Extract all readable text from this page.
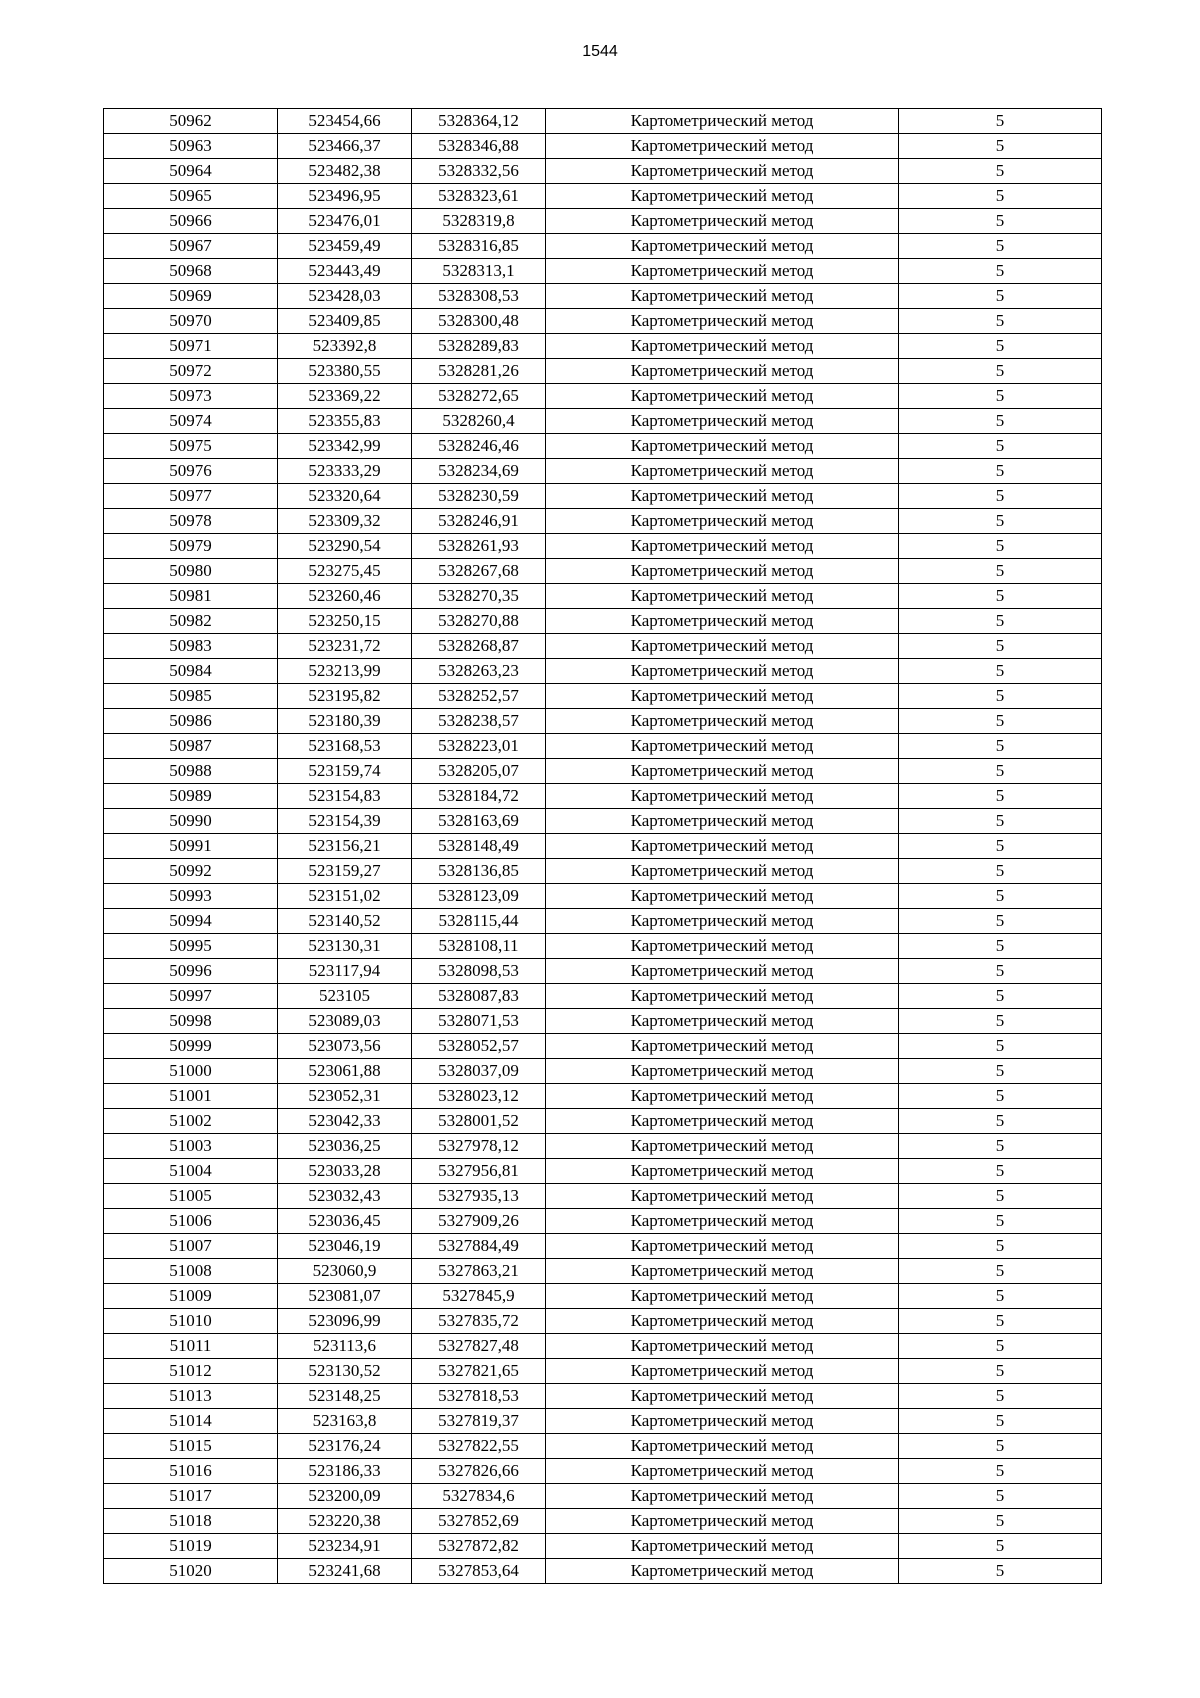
1544
50962	523454,66	5328364,12	Картометрический метод	5
50963	523466,37	5328346,88	Картометрический метод	5
50964	523482,38	5328332,56	Картометрический метод	5
50965	523496,95	5328323,61	Картометрический метод	5
50966	523476,01	5328319,8	Картометрический метод	5
50967	523459,49	5328316,85	Картометрический метод	5
50968	523443,49	5328313,1	Картометрический метод	5
50969	523428,03	5328308,53	Картометрический метод	5
50970	523409,85	5328300,48	Картометрический метод	5
50971	523392,8	5328289,83	Картометрический метод	5
50972	523380,55	5328281,26	Картометрический метод	5
50973	523369,22	5328272,65	Картометрический метод	5
50974	523355,83	5328260,4	Картометрический метод	5
50975	523342,99	5328246,46	Картометрический метод	5
50976	523333,29	5328234,69	Картометрический метод	5
50977	523320,64	5328230,59	Картометрический метод	5
50978	523309,32	5328246,91	Картометрический метод	5
50979	523290,54	5328261,93	Картометрический метод	5
50980	523275,45	5328267,68	Картометрический метод	5
50981	523260,46	5328270,35	Картометрический метод	5
50982	523250,15	5328270,88	Картометрический метод	5
50983	523231,72	5328268,87	Картометрический метод	5
50984	523213,99	5328263,23	Картометрический метод	5
50985	523195,82	5328252,57	Картометрический метод	5
50986	523180,39	5328238,57	Картометрический метод	5
50987	523168,53	5328223,01	Картометрический метод	5
50988	523159,74	5328205,07	Картометрический метод	5
50989	523154,83	5328184,72	Картометрический метод	5
50990	523154,39	5328163,69	Картометрический метод	5
50991	523156,21	5328148,49	Картометрический метод	5
50992	523159,27	5328136,85	Картометрический метод	5
50993	523151,02	5328123,09	Картометрический метод	5
50994	523140,52	5328115,44	Картометрический метод	5
50995	523130,31	5328108,11	Картометрический метод	5
50996	523117,94	5328098,53	Картометрический метод	5
50997	523105	5328087,83	Картометрический метод	5
50998	523089,03	5328071,53	Картометрический метод	5
50999	523073,56	5328052,57	Картометрический метод	5
51000	523061,88	5328037,09	Картометрический метод	5
51001	523052,31	5328023,12	Картометрический метод	5
51002	523042,33	5328001,52	Картометрический метод	5
51003	523036,25	5327978,12	Картометрический метод	5
51004	523033,28	5327956,81	Картометрический метод	5
51005	523032,43	5327935,13	Картометрический метод	5
51006	523036,45	5327909,26	Картометрический метод	5
51007	523046,19	5327884,49	Картометрический метод	5
51008	523060,9	5327863,21	Картометрический метод	5
51009	523081,07	5327845,9	Картометрический метод	5
51010	523096,99	5327835,72	Картометрический метод	5
51011	523113,6	5327827,48	Картометрический метод	5
51012	523130,52	5327821,65	Картометрический метод	5
51013	523148,25	5327818,53	Картометрический метод	5
51014	523163,8	5327819,37	Картометрический метод	5
51015	523176,24	5327822,55	Картометрический метод	5
51016	523186,33	5327826,66	Картометрический метод	5
51017	523200,09	5327834,6	Картометрический метод	5
51018	523220,38	5327852,69	Картометрический метод	5
51019	523234,91	5327872,82	Картометрический метод	5
51020	523241,68	5327853,64	Картометрический метод	5
